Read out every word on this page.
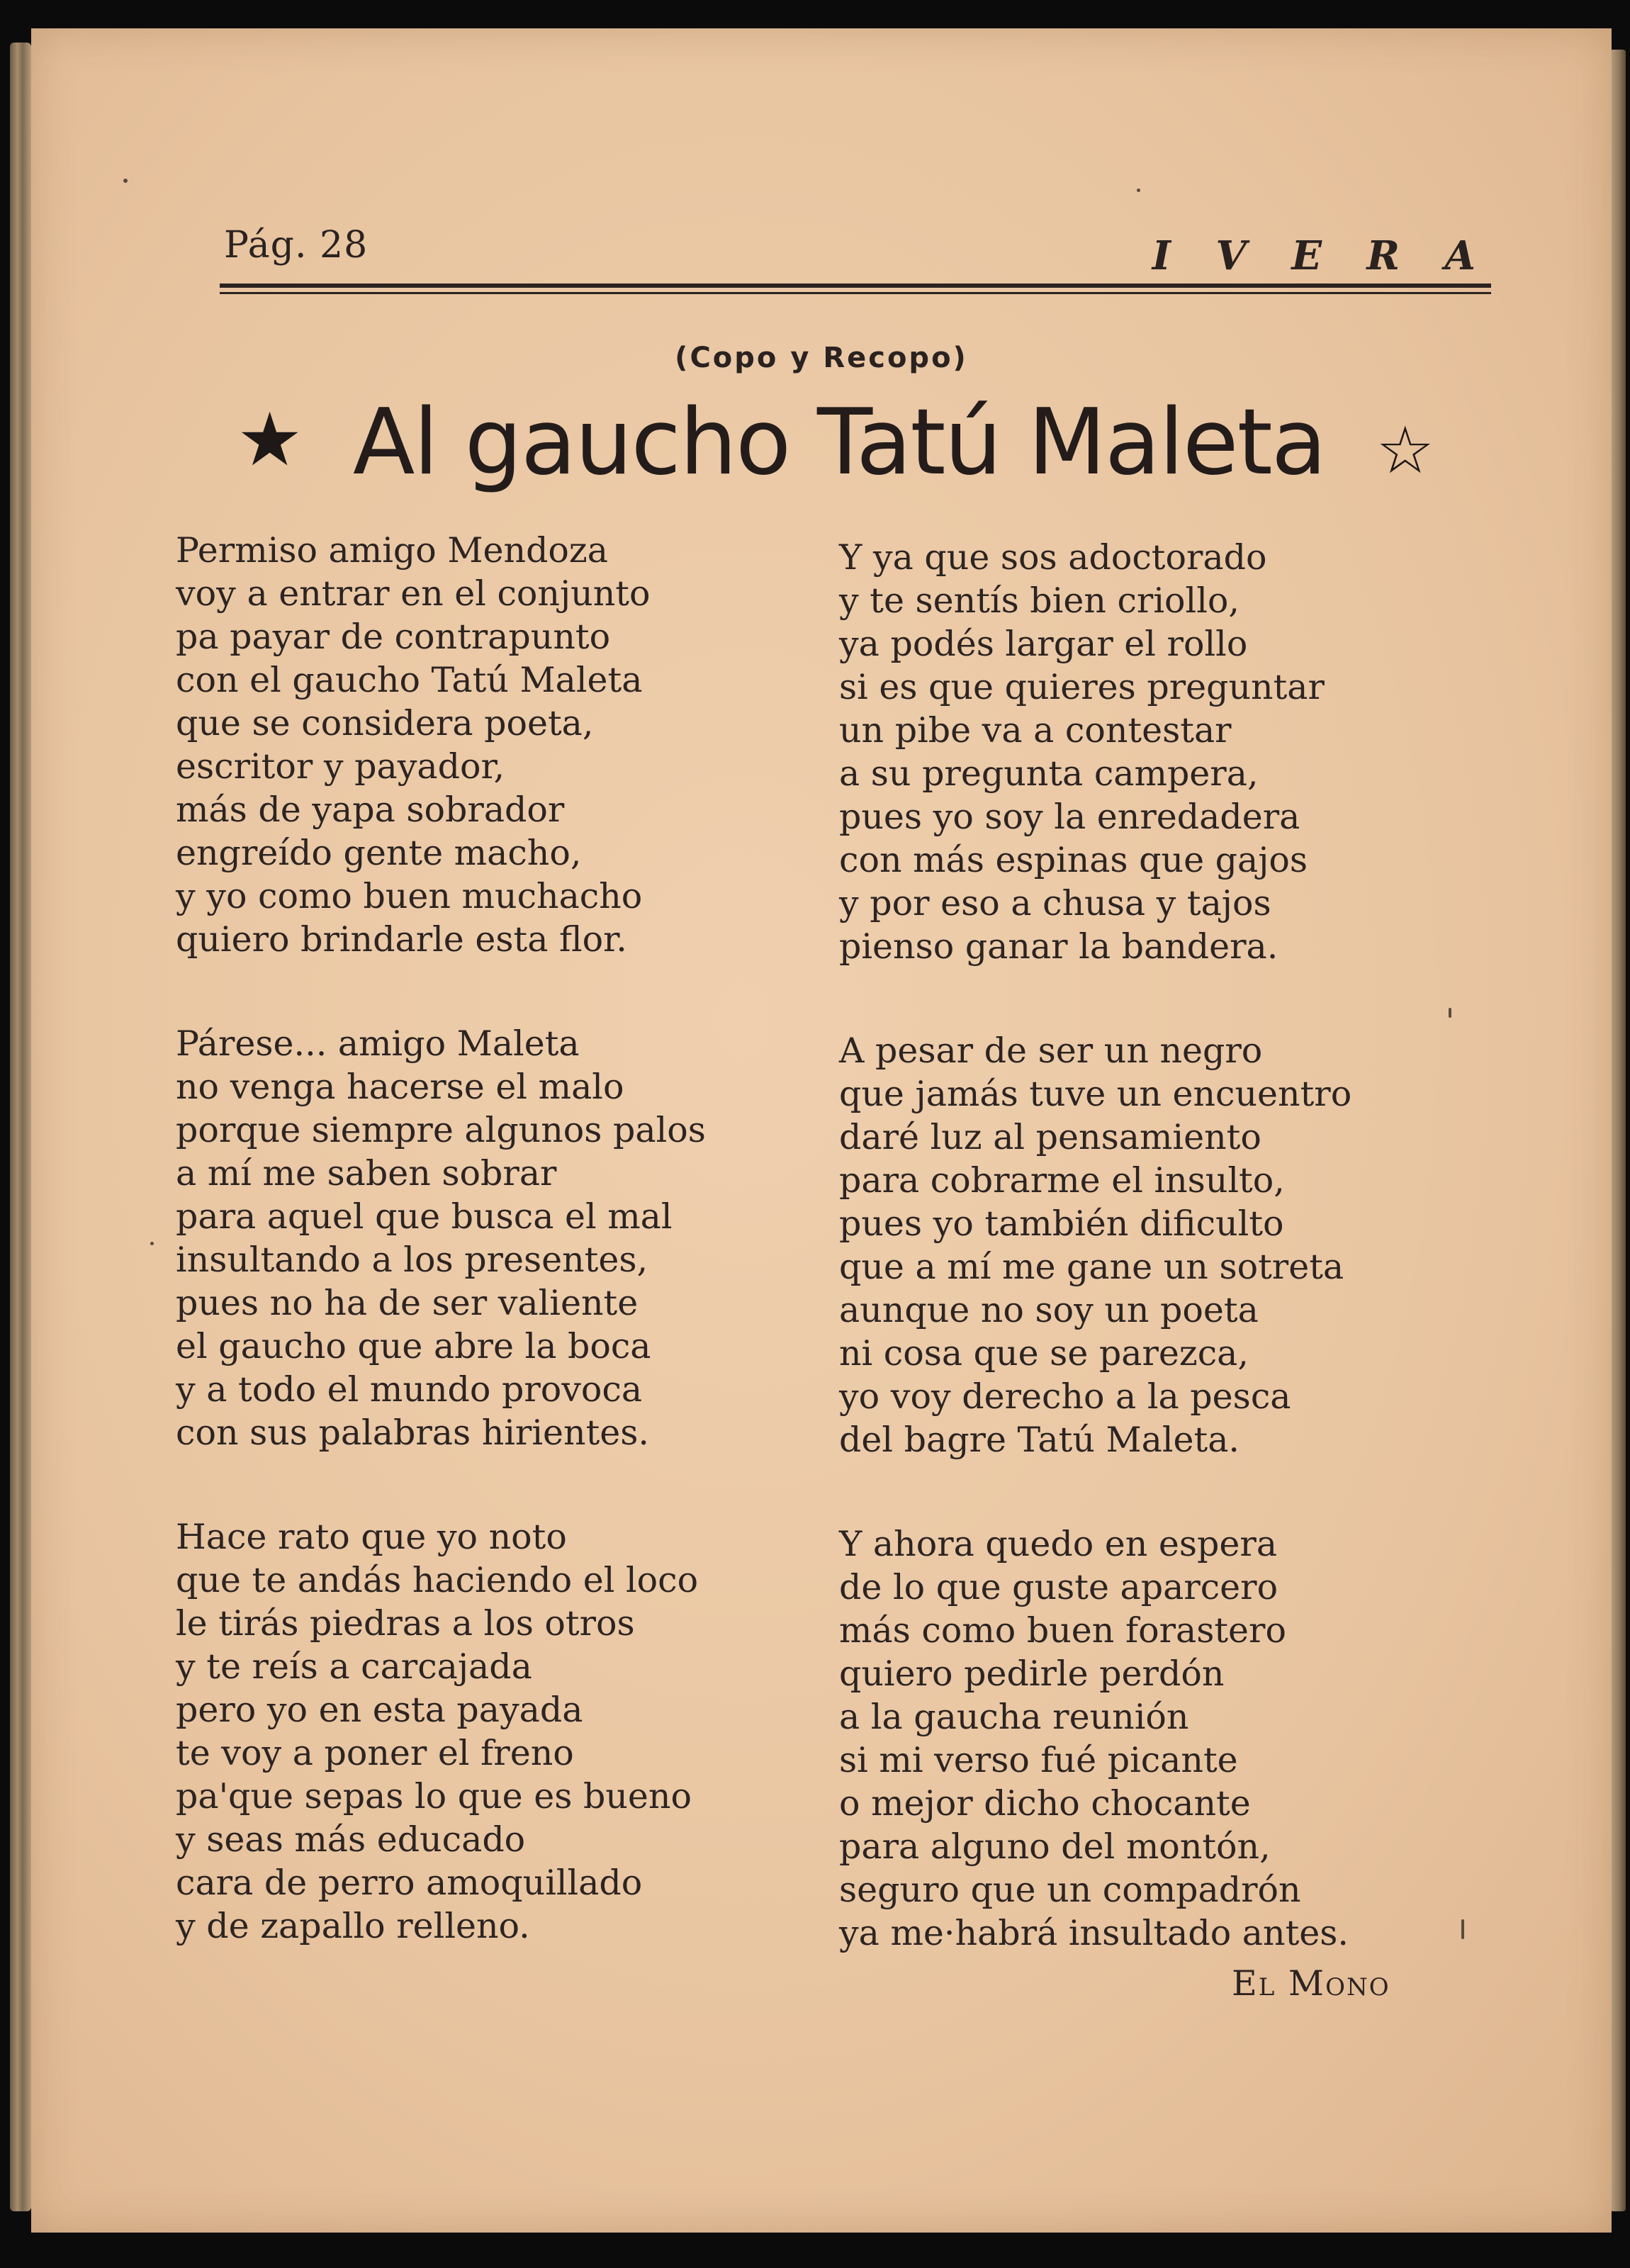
Pág. 28	I V E R A
(Copo y Recopo)
★ Al gaucho Tatú Maleta ☆
Permiso amigo Mendoza
voy a entrar en el conjunto
pa payar de contrapunto
con el gaucho Tatú Maleta
que se considera poeta,
escritor y payador,
más de yapa sobrador
engreído gente macho,
y yo como buen muchacho
quiero brindarle esta flor.
Párese... amigo Maleta
no venga hacerse el malo
porque siempre algunos palos
a mí me saben sobrar
para aquel que busca el mal
insultando a los presentes,
pues no ha de ser valiente
el gaucho que abre la boca
y a todo el mundo provoca
con sus palabras hirientes.
Hace rato que yo noto
que te andás haciendo el loco
le tirás piedras a los otros
y te reís a carcajada
pero yo en esta payada
te voy a poner el freno
pa'que sepas lo que es bueno
y seas más educado
cara de perro amoquillado
y de zapallo relleno.
Y ya que sos adoctorado
y te sentís bien criollo,
ya podés largar el rollo
si es que quieres preguntar
un pibe va a contestar
a su pregunta campera,
pues yo soy la enredadera
con más espinas que gajos
y por eso a chusa y tajos
pienso ganar la bandera.
A pesar de ser un negro
que jamás tuve un encuentro
daré luz al pensamiento
para cobrarme el insulto,
pues yo también dificulto
que a mí me gane un sotreta
aunque no soy un poeta
ni cosa que se parezca,
yo voy derecho a la pesca
del bagre Tatú Maleta.
Y ahora quedo en espera
de lo que guste aparcero
más como buen forastero
quiero pedirle perdón
a la gaucha reunión
si mi verso fué picante
o mejor dicho chocante
para alguno del montón,
seguro que un compadrón
ya me·habrá insultado antes.
El Mono
